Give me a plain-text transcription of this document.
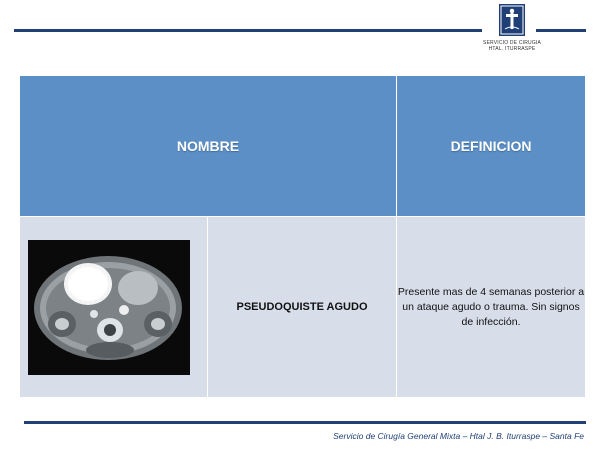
SERVICIO DE CIRUGIA
HTAL. ITURRASPE
NOMBRE		DEFINICION

	PSEUDOQUISTE AGUDO	Presente mas de 4 semanas posterior a un ataque agudo o trauma. Sin signos de infección.
Servicio de Cirugía General Mixta – Htal J. B. Iturraspe – Santa Fe
